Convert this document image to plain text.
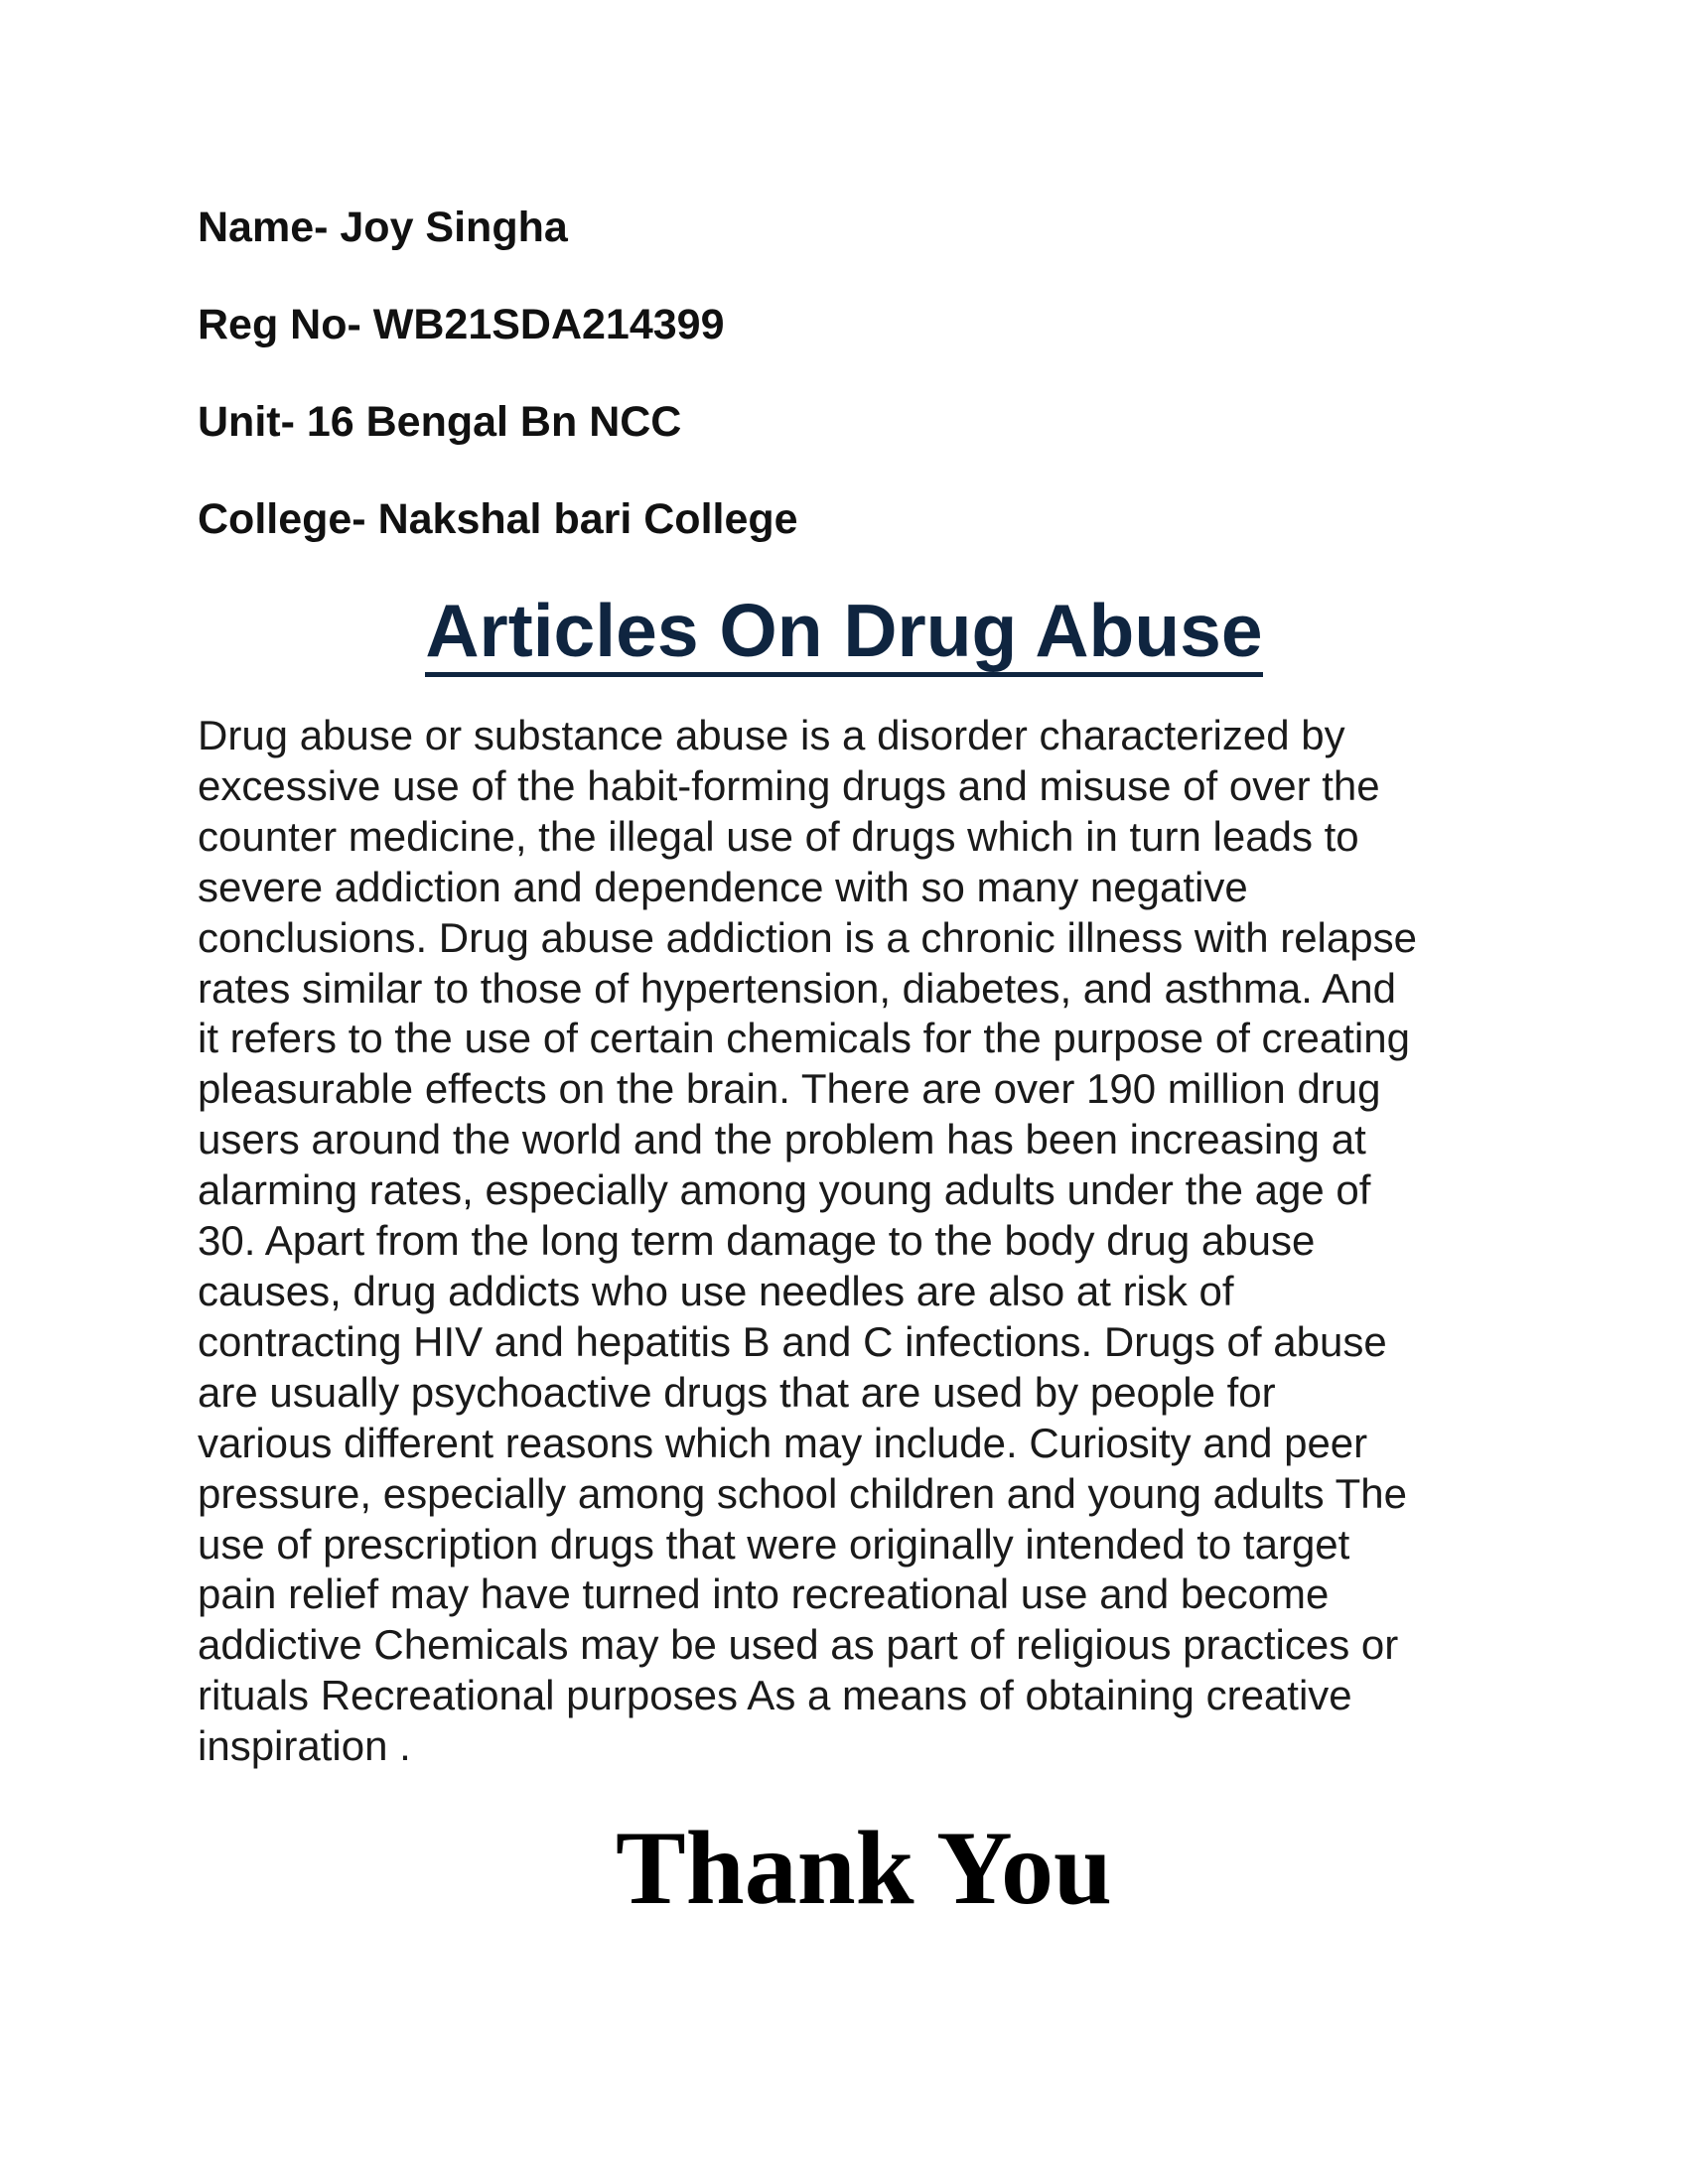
Name- Joy Singha

Reg No- WB21SDA214399

Unit- 16 Bengal Bn NCC

College- Nakshal bari College

Articles On Drug Abuse
Drug abuse or substance abuse is a disorder characterized by
excessive use of the habit-forming drugs and misuse of over the
counter medicine, the illegal use of drugs which in turn leads to
severe addiction and dependence with so many negative
conclusions. Drug abuse addiction is a chronic illness with relapse
rates similar to those of hypertension, diabetes, and asthma. And
it refers to the use of certain chemicals for the purpose of creating
pleasurable effects on the brain. There are over 190 million drug
users around the world and the problem has been increasing at
alarming rates, especially among young adults under the age of
30. Apart from the long term damage to the body drug abuse
causes, drug addicts who use needles are also at risk of
contracting HIV and hepatitis B and C infections. Drugs of abuse
are usually psychoactive drugs that are used by people for
various different reasons which may include. Curiosity and peer
pressure, especially among school children and young adults The
use of prescription drugs that were originally intended to target
pain relief may have turned into recreational use and become
addictive Chemicals may be used as part of religious practices or
rituals Recreational purposes As a means of obtaining creative
inspiration .

Thank You
